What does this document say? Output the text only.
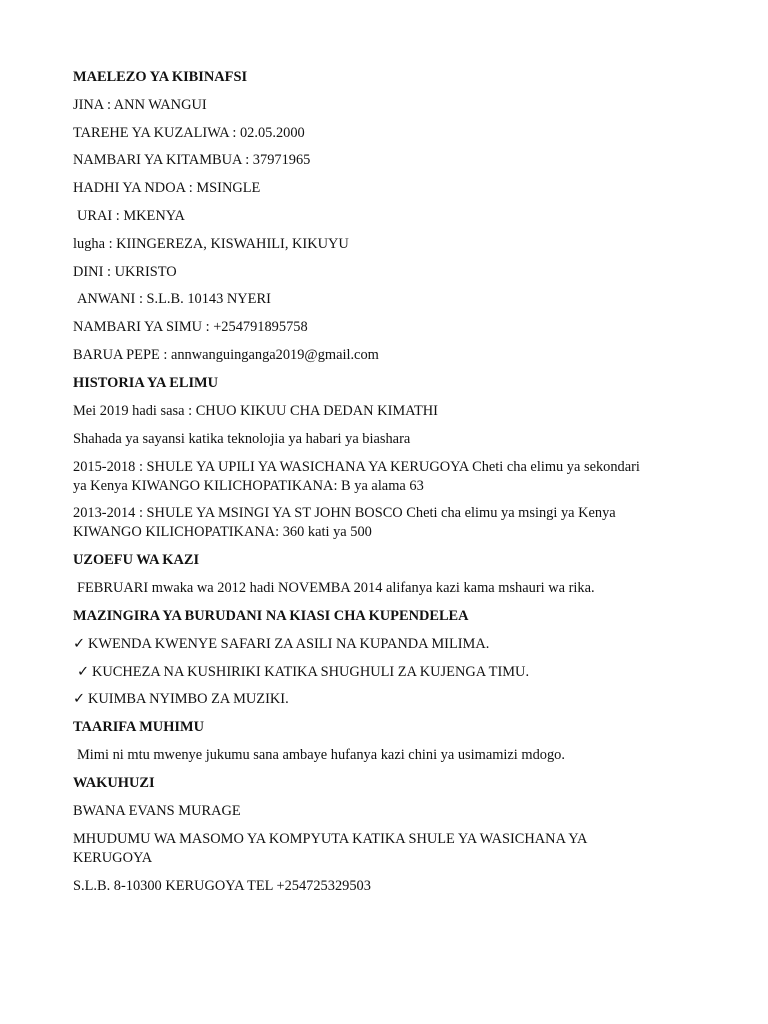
MAELEZO YA KIBINAFSI
JINA : ANN WANGUI
TAREHE YA KUZALIWA : 02.05.2000
NAMBARI YA KITAMBUA : 37971965
HADHI YA NDOA : MSINGLE
URAI : MKENYA
lugha : KIINGEREZA, KISWAHILI, KIKUYU
DINI : UKRISTO
ANWANI : S.L.B. 10143 NYERI
NAMBARI YA SIMU : +254791895758
BARUA PEPE : annwanguinganga2019@gmail.com
HISTORIA YA ELIMU
Mei 2019 hadi sasa : CHUO KIKUU CHA DEDAN KIMATHI
Shahada ya sayansi katika teknolojia ya habari ya biashara
2015-2018 : SHULE YA UPILI YA WASICHANA YA KERUGOYA Cheti cha elimu ya sekondari
ya Kenya KIWANGO KILICHOPATIKANA: B ya alama 63
2013-2014 : SHULE YA MSINGI YA ST JOHN BOSCO Cheti cha elimu ya msingi ya Kenya
KIWANGO KILICHOPATIKANA: 360 kati ya 500
UZOEFU WA KAZI
FEBRUARI mwaka wa 2012 hadi NOVEMBA 2014 alifanya kazi kama mshauri wa rika.
MAZINGIRA YA BURUDANI NA KIASI CHA KUPENDELEA
✓ KWENDA KWENYE SAFARI ZA ASILI NA KUPANDA MILIMA.
✓ KUCHEZA NA KUSHIRIKI KATIKA SHUGHULI ZA KUJENGA TIMU.
✓ KUIMBA NYIMBO ZA MUZIKI.
TAARIFA MUHIMU
Mimi ni mtu mwenye jukumu sana ambaye hufanya kazi chini ya usimamizi mdogo.
WAKUHUZI
BWANA EVANS MURAGE
MHUDUMU WA MASOMO YA KOMPYUTA KATIKA SHULE YA WASICHANA YA
KERUGOYA
S.L.B. 8-10300 KERUGOYA TEL +254725329503
